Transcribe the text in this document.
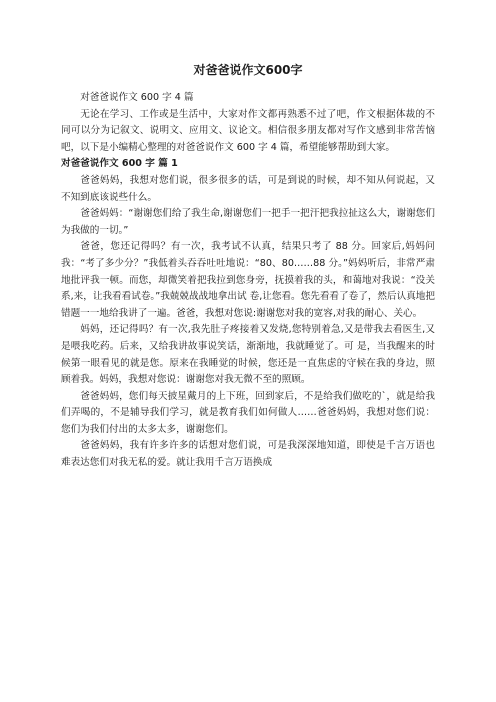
对爸爸说作文600字

对爸爸说作文 600 字 4 篇

无论在学习、工作或是生活中，大家对作文都再熟悉不过了吧，作文根据体裁的不同可以分为记叙文、说明文、应用文、议论文。相信很多朋友都对写作文感到非常苦恼吧，以下是小编精心整理的对爸爸说作文 600 字 4 篇，希望能够帮助到大家。

对爸爸说作文 600 字 篇 1

爸爸妈妈，我想对您们说，很多很多的话，可是到说的时候，却不知从何说起，又不知到底该说些什么。

爸爸妈妈：“谢谢您们给了我生命,谢谢您们一把手一把汗把我拉扯这么大，谢谢您们为我做的一切。”

爸爸，您还记得吗？有一次，我考试不认真，结果只考了 88 分。回家后,妈妈问我：“考了多少分？”我低着头吞吞吐吐地说：“80、80……88 分。”妈妈听后，非常严肃地批评我一顿。而您，却微笑着把我拉到您身旁，抚摸着我的头，和蔼地对我说：“没关系,来，让我看看试卷。”我兢兢战战地拿出试 卷,让您看。您先看看了卷了，然后认真地把错题一一地给我讲了一遍。爸爸，我想对您说:谢谢您对我的宽容,对我的耐心、关心。

妈妈，还记得吗？有一次,我先肚子疼接着又发烧,您特别着急,又是带我去看医生,又是喂我吃药。后来，又给我讲故事说笑话，渐渐地，我就睡觉了。可 是，当我醒来的时候第一眼看见的就是您。原来在我睡觉的时候，您还是一直焦虑的守候在我的身边，照顾着我。妈妈，我想对您说：谢谢您对我无微不至的照顾。

爸爸妈妈，您们每天披星戴月的上下班，回到家后，不是给我们做吃的`，就是给我们弄喝的，不是辅导我们学习，就是教育我们如何做人……爸爸妈妈，我想对您们说：您们为我们付出的太多太多，谢谢您们。

爸爸妈妈，我有许多许多的话想对您们说，可是我深深地知道，即使是千言万语也难表达您们对我无私的爱。就让我用千言万语换成
